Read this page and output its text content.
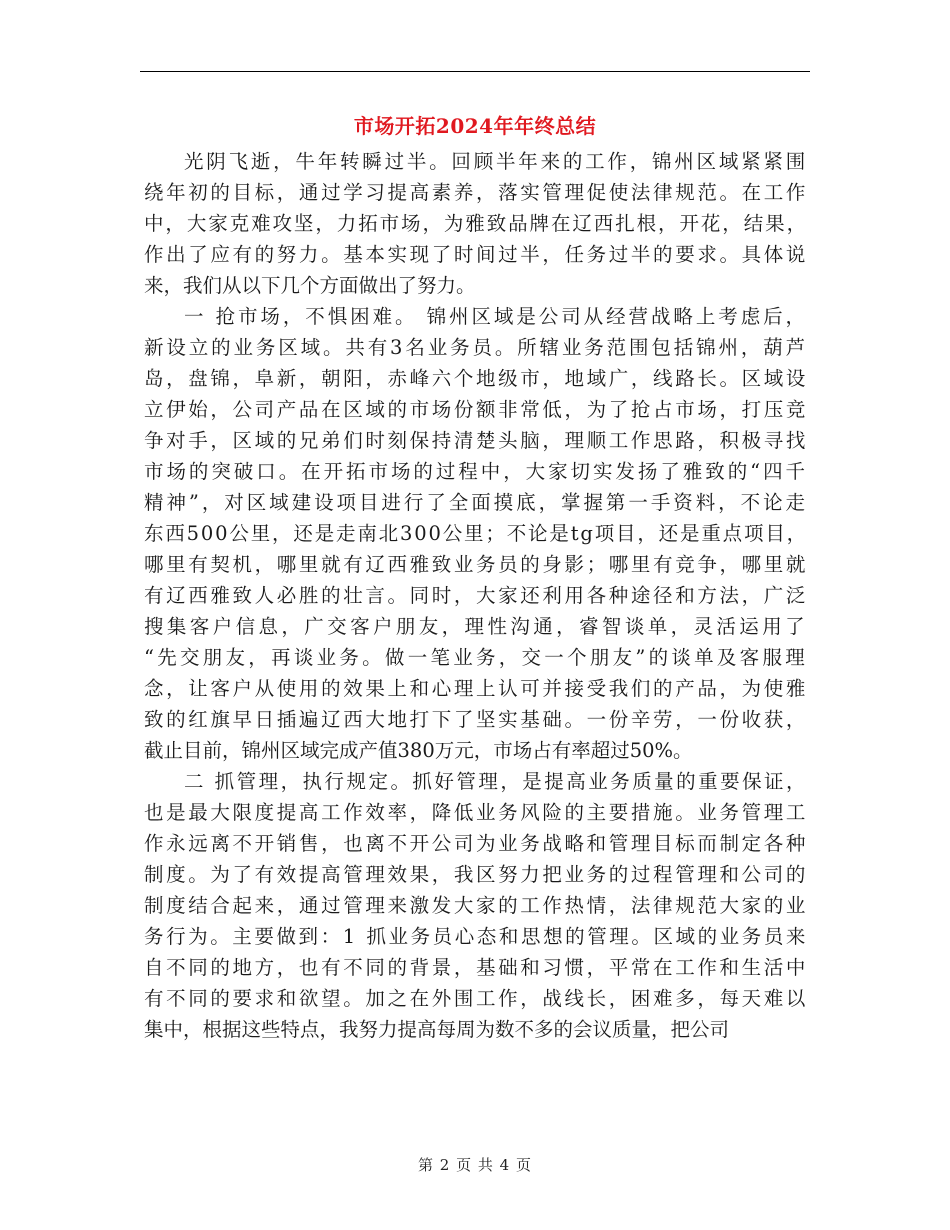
市场开拓2024年年终总结
光阴飞逝，牛年转瞬过半。回顾半年来的工作，锦州区域紧紧围
绕年初的目标，通过学习提高素养，落实管理促使法律规范。在工作
中，大家克难攻坚，力拓市场，为雅致品牌在辽西扎根，开花，结果，
作出了应有的努力。基本实现了时间过半，任务过半的要求。具体说
来，我们从以下几个方面做出了努力。
一 抢市场，不惧困难。 锦州区域是公司从经营战略上考虑后，
新设立的业务区域。共有3名业务员。所辖业务范围包括锦州，葫芦
岛，盘锦，阜新，朝阳，赤峰六个地级市，地域广，线路长。区域设
立伊始，公司产品在区域的市场份额非常低，为了抢占市场，打压竞
争对手，区域的兄弟们时刻保持清楚头脑，理顺工作思路，积极寻找
市场的突破口。在开拓市场的过程中，大家切实发扬了雅致的“四千
精神”，对区域建设项目进行了全面摸底，掌握第一手资料，不论走
东西500公里，还是走南北300公里；不论是tg项目，还是重点项目，
哪里有契机，哪里就有辽西雅致业务员的身影；哪里有竞争，哪里就
有辽西雅致人必胜的壮言。同时，大家还利用各种途径和方法，广泛
搜集客户信息，广交客户朋友，理性沟通，睿智谈单，灵活运用了
“先交朋友，再谈业务。做一笔业务，交一个朋友”的谈单及客服理
念，让客户从使用的效果上和心理上认可并接受我们的产品，为使雅
致的红旗早日插遍辽西大地打下了坚实基础。一份辛劳，一份收获，
截止目前，锦州区域完成产值380万元，市场占有率超过50%。
二 抓管理，执行规定。抓好管理，是提高业务质量的重要保证，
也是最大限度提高工作效率，降低业务风险的主要措施。业务管理工
作永远离不开销售，也离不开公司为业务战略和管理目标而制定各种
制度。为了有效提高管理效果，我区努力把业务的过程管理和公司的
制度结合起来，通过管理来激发大家的工作热情，法律规范大家的业
务行为。主要做到：1 抓业务员心态和思想的管理。区域的业务员来
自不同的地方，也有不同的背景，基础和习惯，平常在工作和生活中
有不同的要求和欲望。加之在外围工作，战线长，困难多，每天难以
集中，根据这些特点，我努力提高每周为数不多的会议质量，把公司
第 2 页 共 4 页
